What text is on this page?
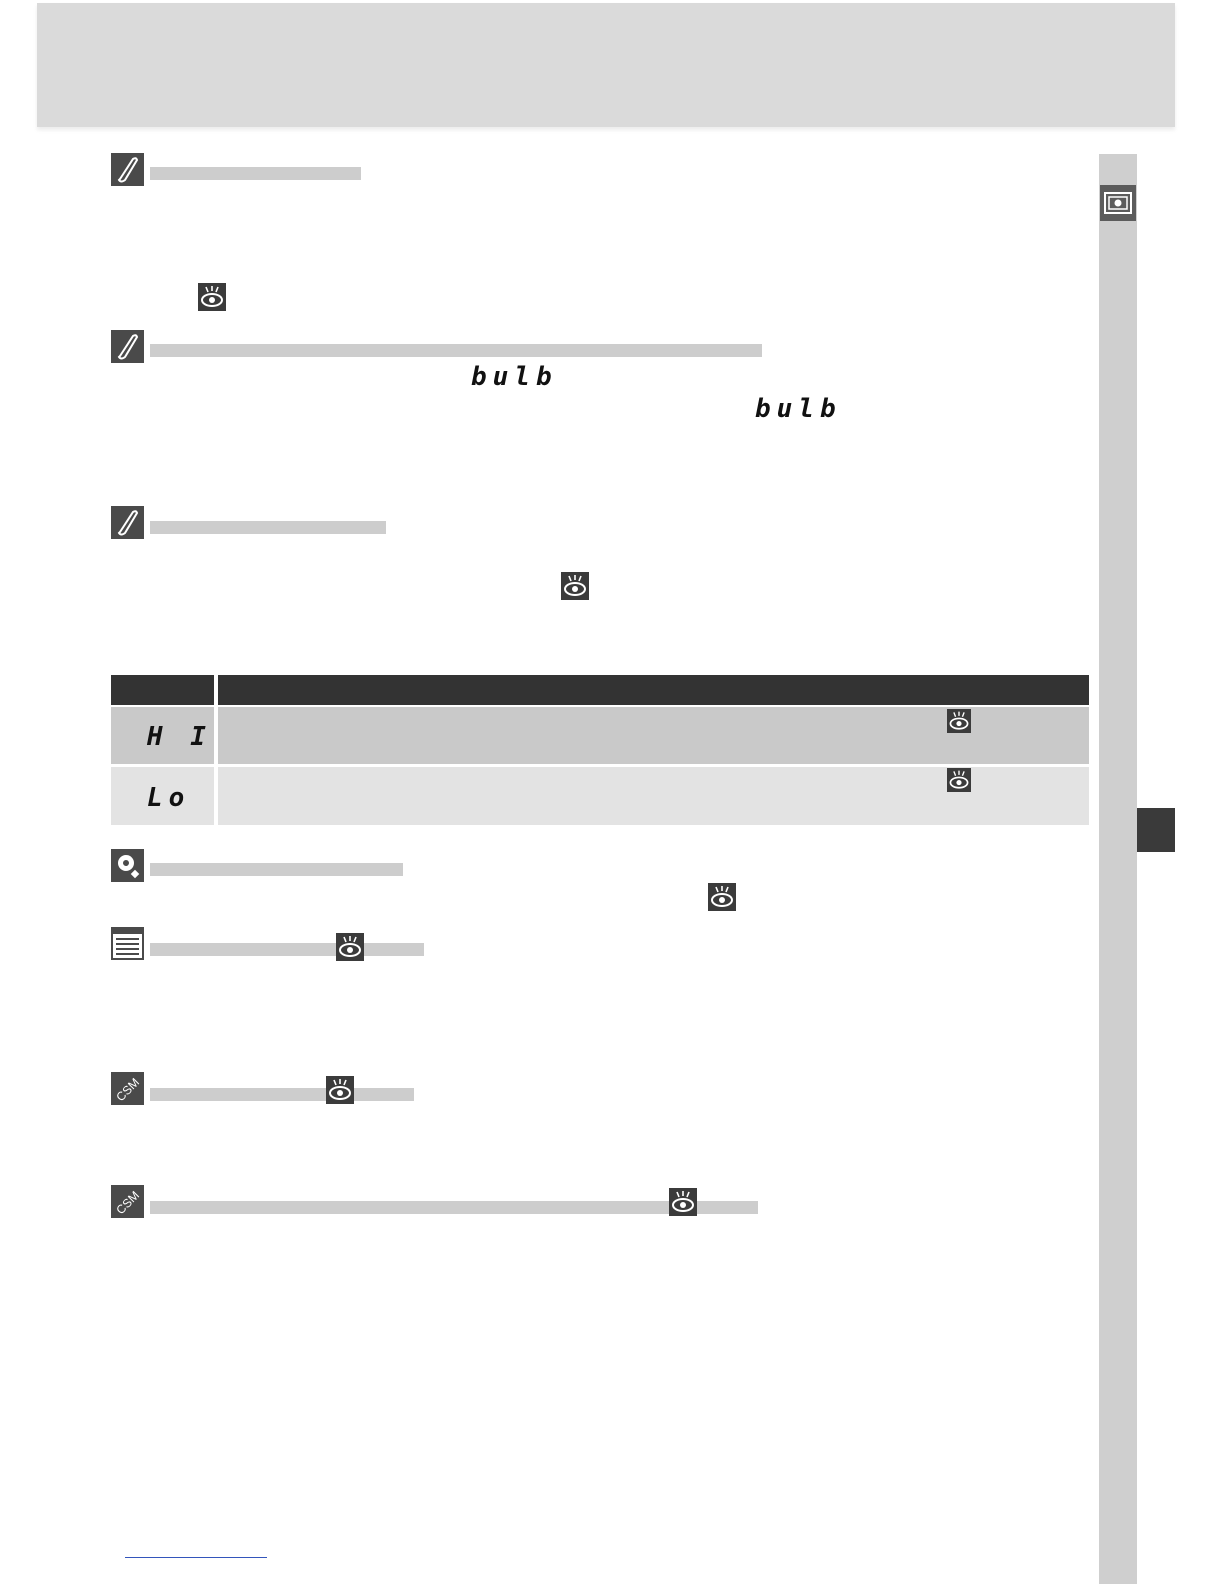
bulb
bulb
H I
Lo
CSM
CSM
